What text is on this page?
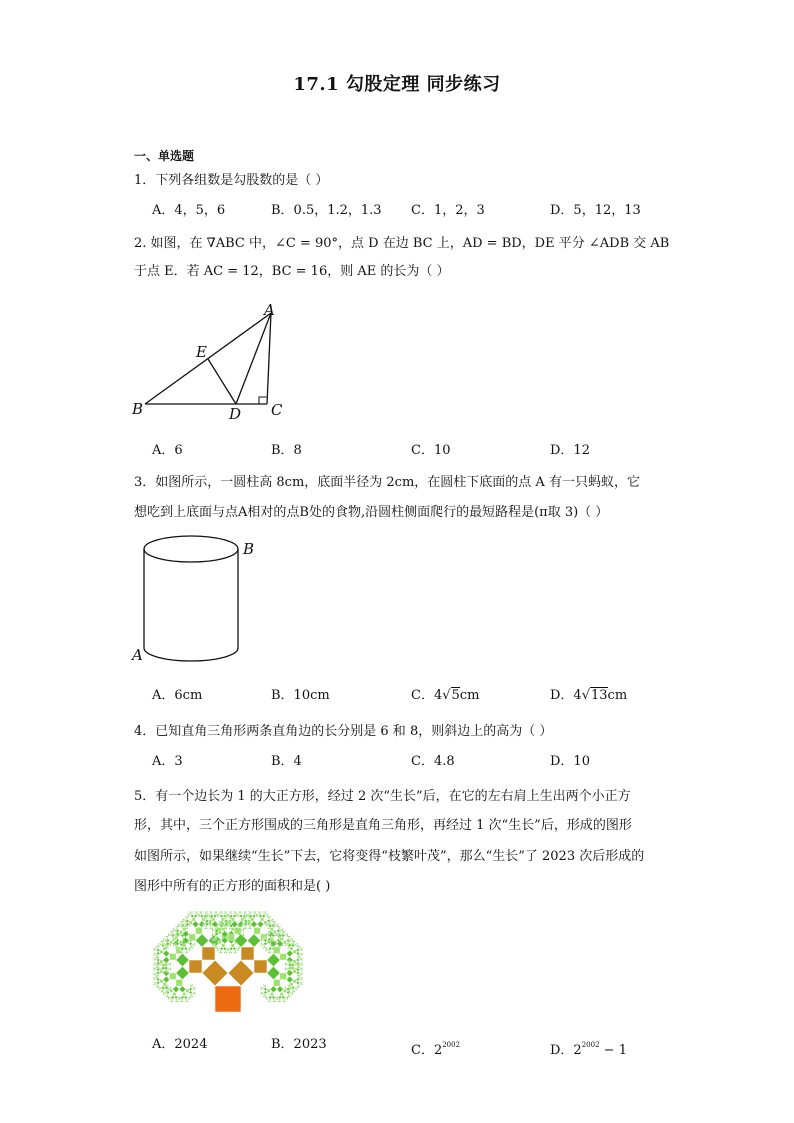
17.1 勾股定理 同步练习
一、单选题
1．下列各组数是勾股数的是（ ）
A．4，5，6	B．0.5，1.2，1.3 C．1，2，3	D．5，12，13
2. 如图，在 ∇ABC 中，∠C = 90°，点 D 在边 BC 上，AD = BD，DE 平分 ∠ADB 交 AB
于点 E．若 AC = 12，BC = 16，则 AE 的长为（ ）
A
E
B	D C
A．6	B．8	C．10	D．12
3．如图所示，一圆柱高 8cm，底面半径为 2cm，在圆柱下底面的点 A 有一只蚂蚁，它
想吃到上底面与点A相对的点B处的食物,沿圆柱侧面爬行的最短路程是(π取 3)（ ）
B
A
A．6cm	B．10cm	C．4√5cm	D．4√13cm
4．已知直角三角形两条直角边的长分别是 6 和 8，则斜边上的高为（ ）
A．3	B．4	C．4.8	D．10
5．有一个边长为 1 的大正方形，经过 2 次“生长”后，在它的左右肩上生出两个小正方
形，其中，三个正方形围成的三角形是直角三角形，再经过 1 次“生长”后，形成的图形
如图所示，如果继续“生长”下去，它将变得“枝繁叶茂”，那么“生长”了 2023 次后形成的
图形中所有的正方形的面积和是( )
A．2024	B．2023	C．$2^{2002}$	D．$2^{2002} - 1$
